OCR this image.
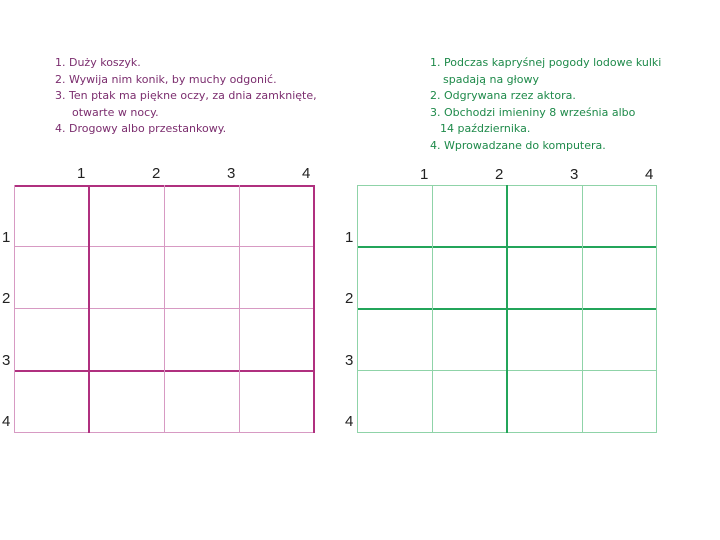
1. Duży koszyk.
2. Wywija nim konik, by muchy odgonić.
3. Ten ptak ma piękne oczy, za dnia zamknięte,
otwarte w nocy.
4. Drogowy albo przestankowy.
1. Podczas kapryśnej pogody lodowe kulki
spadają na głowy
2. Odgrywana rzez aktora.
3. Obchodzi imieniny 8 września albo
14 października.
4. Wprowadzane do komputera.
1	2	3	4
1
2
3
4
1	2	3	4
1
2
3
4
